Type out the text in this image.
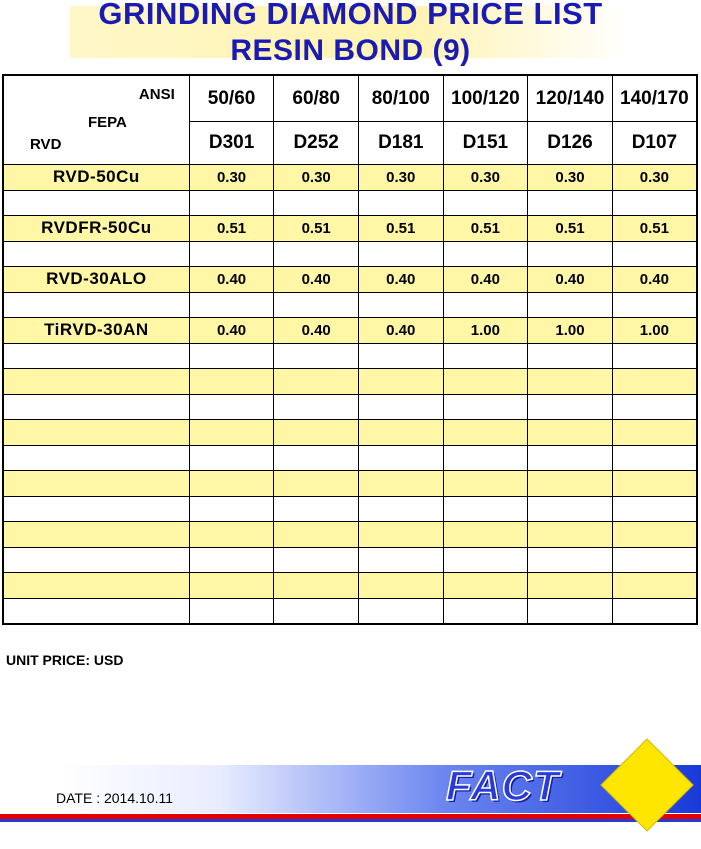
GRINDING DIAMOND PRICE LIST
RESIN BOND (9)
ANSI
FEPA
RVD	50/60	60/80	80/100	100/120	120/140	140/170
	D301	D252	D181	D151	D126	D107
RVD-50Cu	0.30	0.30	0.30	0.30	0.30	0.30

RVDFR-50Cu	0.51	0.51	0.51	0.51	0.51	0.51

RVD-30ALO	0.40	0.40	0.40	0.40	0.40	0.40

TiRVD-30AN	0.40	0.40	0.40	1.00	1.00	1.00

UNIT PRICE: USD
DATE : 2014.10.11	FACT
